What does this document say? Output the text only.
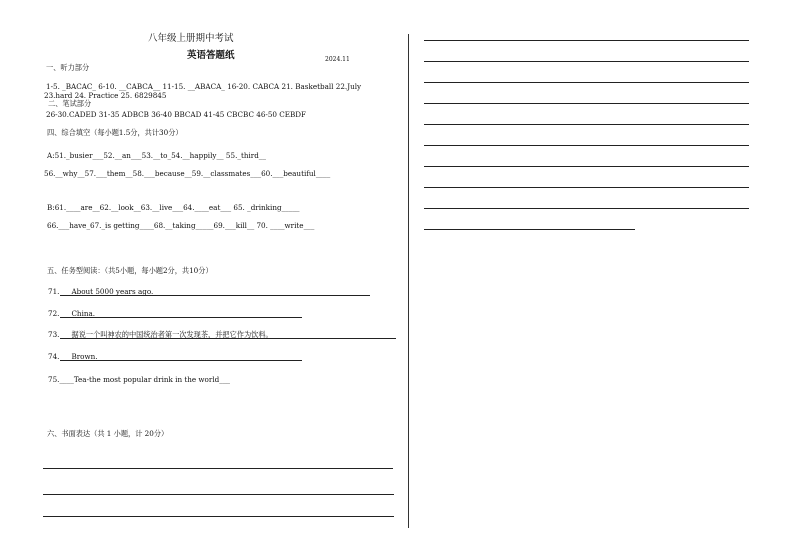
八年级上册期中考试
英语答题纸	2024.11
一、听力部分
1-5. _BACAC_ 6-10. __CABCA__ 11-15. __ABACA_ 16-20. CABCA 21. Basketball 22.July
23.hard 24. Practice 25. 6829845
二、笔试部分
26-30.CADED 31-35 ADBCB 36-40 BBCAD 41-45 CBCBC 46-50 CEBDF
四、综合填空（每小题1.5分，共计30分）
A:51._busier___52.__an___53.__to_54.__happily__ 55._third__
56.__why__57.___them__58.___because__59.__classmates___60.___beautiful____
B:61.____are__62.__look__63.__live___64.____eat___ 65. _drinking_____
66.___have_67._is getting____68.__taking_____69.___kill__ 70. ____write___
五、任务型阅读：（共5小题，每小题2分，共10分）
71. About 5000 years ago.
72. China.
73. 据说一个叫神农的中国统治者第一次发现茶，并把它作为饮料。
74. Brown.
75.____Tea-the most popular drink in the world___
六、书面表达（共 1 小题，计 20分）
